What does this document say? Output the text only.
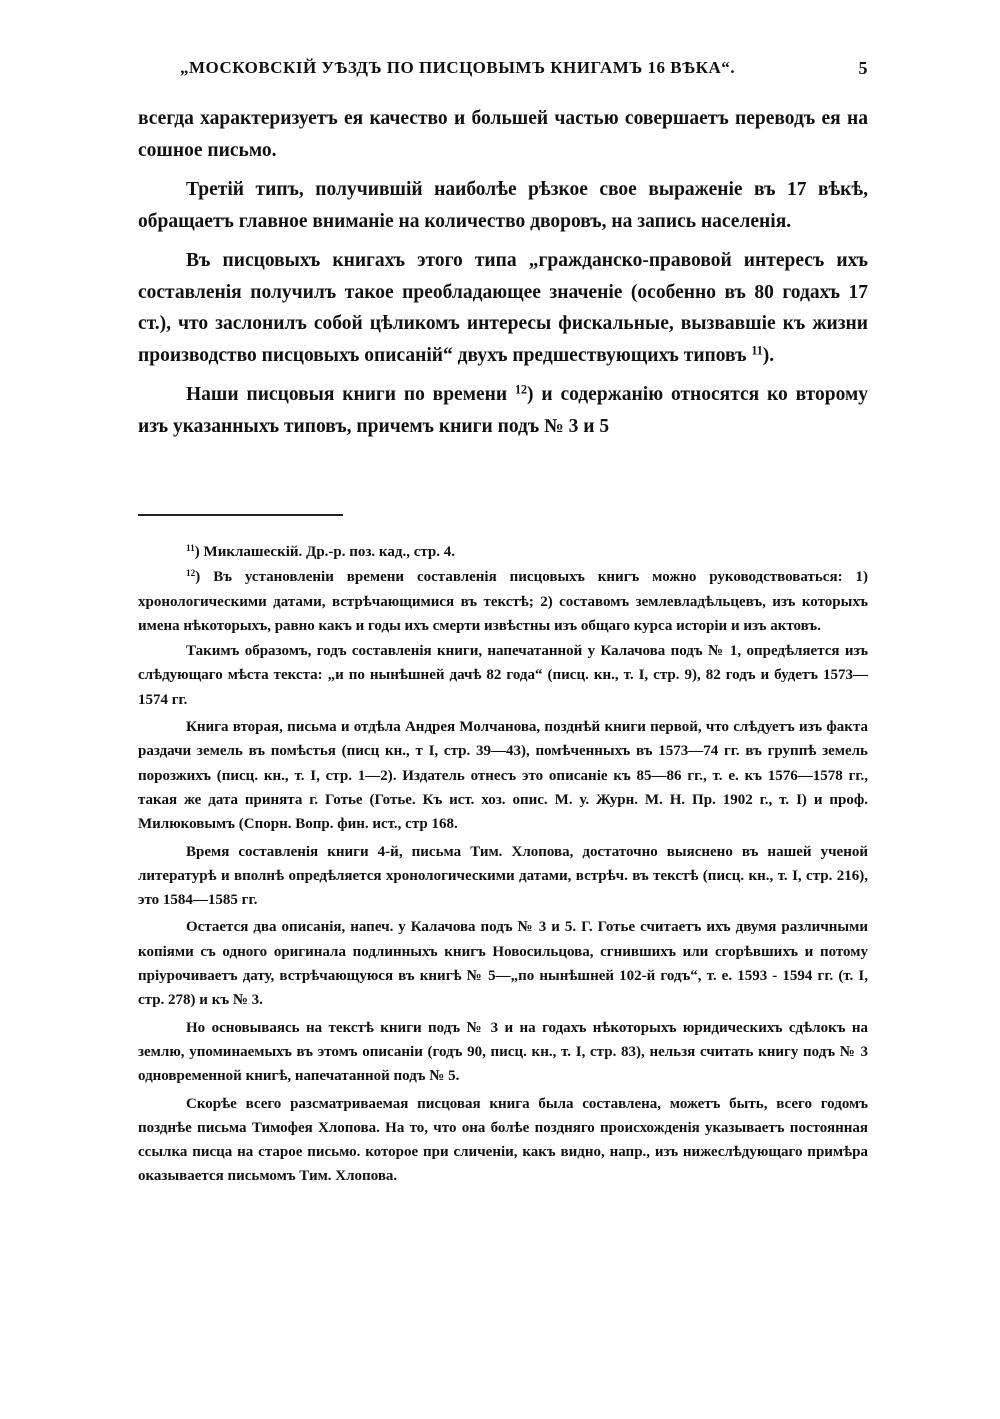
„МОСКОВСКІЙ УѢЗДЪ ПО ПИСЦОВЫМЪ КНИГАМЪ 16 ВѢКА“.	5

всегда характеризуетъ ея качество и большей частью совершаетъ переводъ ея на сошное письмо.

Третій типъ, получившій наиболѣе рѣзкое свое выраженіе въ 17 вѣкѣ, обращаетъ главное вниманіе на количество дворовъ, на запись населенія.

Въ писцовыхъ книгахъ этого типа „гражданско-правовой интересъ ихъ составленія получилъ такое преобладающее значеніе (особенно въ 80 годахъ 17 ст.), что заслонилъ собой цѣликомъ интересы фискальные, вызвавшіе къ жизни производство писцовыхъ описаній“ двухъ предшествующихъ типовъ $^{11}$).

Наши писцовыя книги по времени $^{12}$) и содержанію относятся ко второму изъ указанныхъ типовъ, причемъ книги подъ № 3 и 5

$^{11}$) Миклашескій. Др.-р. поз. кад., стр. 4.

$^{12}$) Въ установленіи времени составленія писцовыхъ книгъ можно руководствоваться: 1) хронологическими датами, встрѣчающимися въ текстѣ; 2) составомъ землевладѣльцевъ, изъ которыхъ имена нѣкоторыхъ, равно какъ и годы ихъ смерти извѣстны изъ общаго курса исторіи и изъ актовъ.

Такимъ образомъ, годъ составленія книги, напечатанной у Калачова подъ № 1, опредѣляется изъ слѣдующаго мѣста текста: „и по нынѣшней дачѣ 82 года“ (писц. кн., т. I, стр. 9), 82 годъ и будетъ 1573—1574 гг.

Книга вторая, письма и отдѣла Андрея Молчанова, позднѣй книги первой, что слѣдуетъ изъ факта раздачи земель въ помѣстья (писц кн., т I, стр. 39—43), помѣченныхъ въ 1573—74 гг. въ группѣ земель порозжихъ (писц. кн., т. I, стр. 1—2). Издатель отнесъ это описаніе къ 85—86 гг., т. е. къ 1576—1578 гг., такая же дата принята г. Готье (Готье. Къ ист. хоз. опис. М. у. Журн. М. Н. Пр. 1902 г., т. I) и проф. Милюковымъ (Спорн. Вопр. фин. ист., стр 168.

Время составленія книги 4-й, письма Тим. Хлопова, достаточно выяснено въ нашей ученой литературѣ и вполнѣ опредѣляется хронологическими датами, встрѣч. въ текстѣ (писц. кн., т. I, стр. 216), это 1584—1585 гг.

Остается два описанія, напеч. у Калачова подъ № 3 и 5. Г. Готье считаетъ ихъ двумя различными копіями съ одного оригинала подлинныхъ книгъ Новосильцова, сгнившихъ или сгорѣвшихъ и потому пріурочиваетъ дату, встрѣчающуюся въ книгѣ № 5—„по нынѣшней 102-й годъ“, т. е. 1593 - 1594 гг. (т. I, стр. 278) и къ № 3.

Но основываясь на текстѣ книги подъ № 3 и на годахъ нѣкоторыхъ юридическихъ сдѣлокъ на землю, упоминаемыхъ въ этомъ описаніи (годъ 90, писц. кн., т. I, стр. 83), нельзя считать книгу подъ № 3 одновременной книгѣ, напечатанной подъ № 5.

Скорѣе всего разсматриваемая писцовая книга была составлена, можетъ быть, всего годомъ позднѣе письма Тимофея Хлопова. На то, что она болѣе поздняго происхожденія указываетъ постоянная ссылка писца на старое письмо. которое при сличеніи, какъ видно, напр., изъ нижеслѣдующаго примѣра оказывается письмомъ Тим. Хлопова.
